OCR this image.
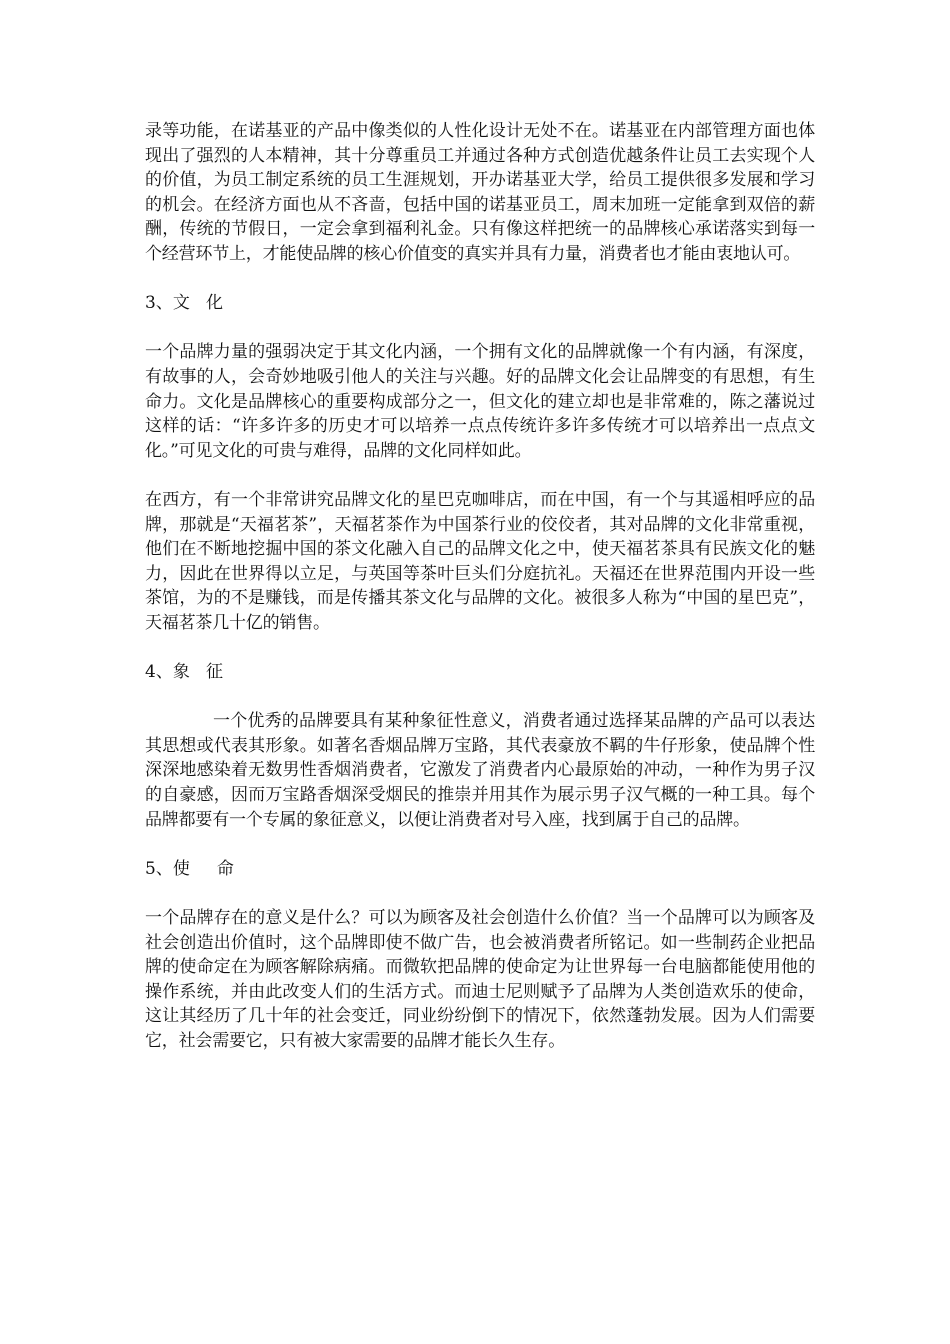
录等功能，在诺基亚的产品中像类似的人性化设计无处不在。诺基亚在内部管理方面也体现出了强烈的人本精神，其十分尊重员工并通过各种方式创造优越条件让员工去实现个人的价值，为员工制定系统的员工生涯规划，开办诺基亚大学，给员工提供很多发展和学习的机会。在经济方面也从不吝啬，包括中国的诺基亚员工，周末加班一定能拿到双倍的薪酬，传统的节假日，一定会拿到福利礼金。只有像这样把统一的品牌核心承诺落实到每一个经营环节上，才能使品牌的核心价值变的真实并具有力量，消费者也才能由衷地认可。

3、文   化

一个品牌力量的强弱决定于其文化内涵，一个拥有文化的品牌就像一个有内涵，有深度，有故事的人，会奇妙地吸引他人的关注与兴趣。好的品牌文化会让品牌变的有思想，有生命力。文化是品牌核心的重要构成部分之一，但文化的建立却也是非常难的，陈之藩说过这样的话：“许多许多的历史才可以培养一点点传统许多许多传统才可以培养出一点点文化。”可见文化的可贵与难得，品牌的文化同样如此。

在西方，有一个非常讲究品牌文化的星巴克咖啡店，而在中国，有一个与其遥相呼应的品牌，那就是“天福茗茶”，天福茗茶作为中国茶行业的佼佼者，其对品牌的文化非常重视，他们在不断地挖掘中国的茶文化融入自己的品牌文化之中，使天福茗茶具有民族文化的魅力，因此在世界得以立足，与英国等茶叶巨头们分庭抗礼。天福还在世界范围内开设一些茶馆，为的不是赚钱，而是传播其茶文化与品牌的文化。被很多人称为“中国的星巴克”，天福茗茶几十亿的销售。

4、象   征

一个优秀的品牌要具有某种象征性意义，消费者通过选择某品牌的产品可以表达其思想或代表其形象。如著名香烟品牌万宝路，其代表豪放不羁的牛仔形象，使品牌个性深深地感染着无数男性香烟消费者，它激发了消费者内心最原始的冲动，一种作为男子汉的自豪感，因而万宝路香烟深受烟民的推崇并用其作为展示男子汉气概的一种工具。每个品牌都要有一个专属的象征意义，以便让消费者对号入座，找到属于自己的品牌。

5、使     命

一个品牌存在的意义是什么？可以为顾客及社会创造什么价值？当一个品牌可以为顾客及社会创造出价值时，这个品牌即使不做广告，也会被消费者所铭记。如一些制药企业把品牌的使命定在为顾客解除病痛。而微软把品牌的使命定为让世界每一台电脑都能使用他的操作系统，并由此改变人们的生活方式。而迪士尼则赋予了品牌为人类创造欢乐的使命，这让其经历了几十年的社会变迁，同业纷纷倒下的情况下，依然蓬勃发展。因为人们需要它，社会需要它，只有被大家需要的品牌才能长久生存。
